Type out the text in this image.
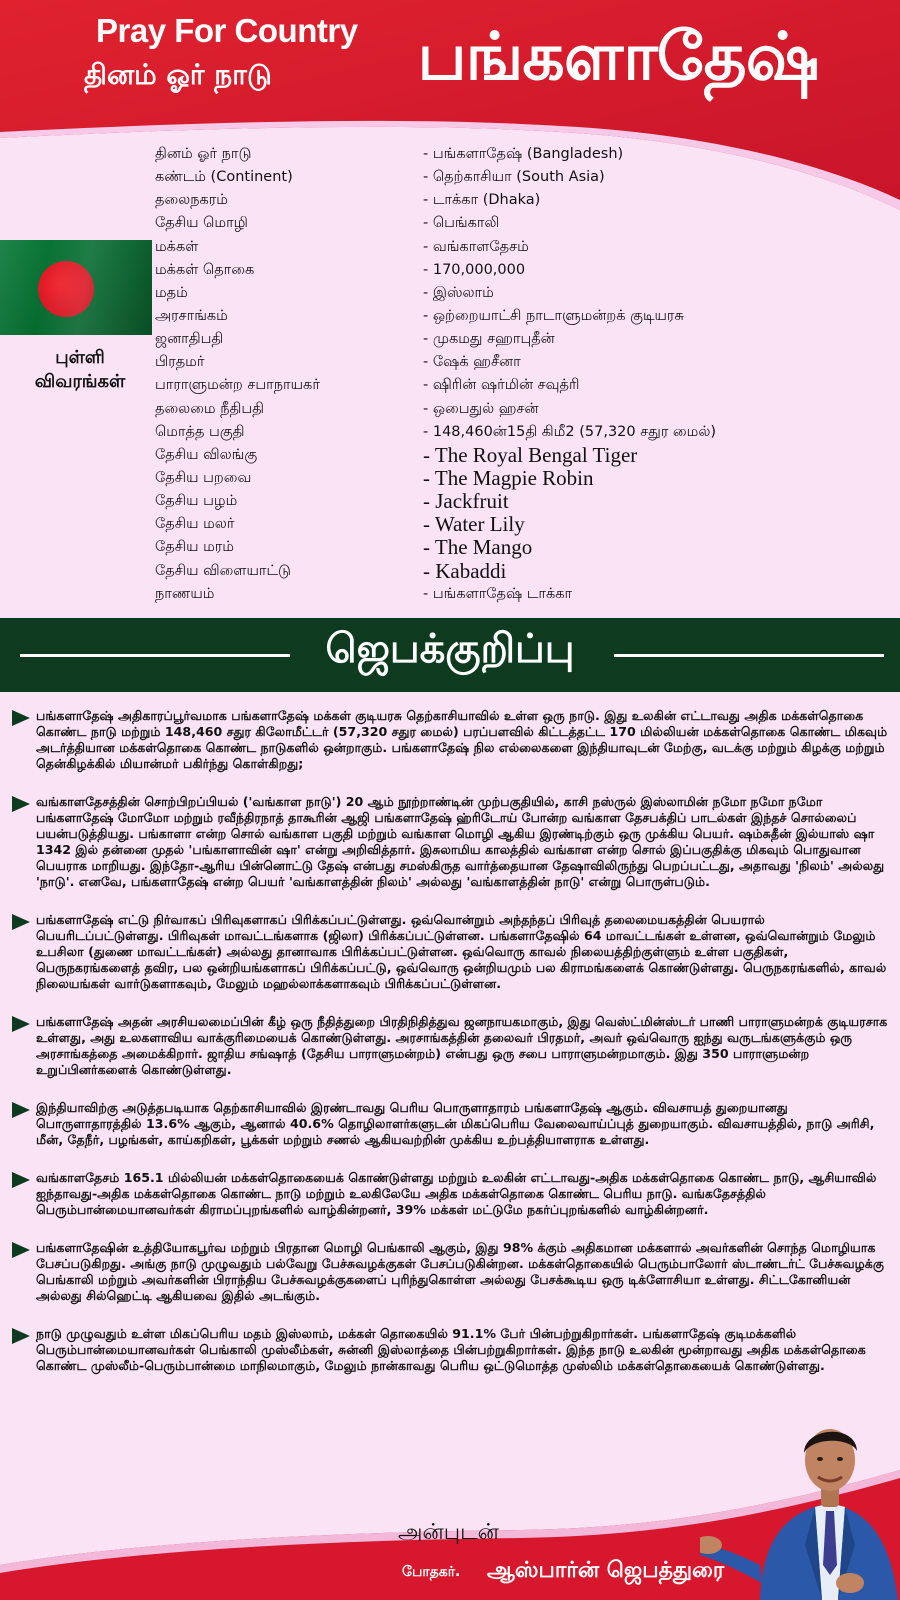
Pray For Country
தினம் ஓர் நாடு	பங்களாதேஷ்
புள்ளி
விவரங்கள்
தினம் ஓர் நாடு	- பங்களாதேஷ் (Bangladesh)
கண்டம் (Continent)	- தெற்காசியா (South Asia)
தலைநகரம்	- டாக்கா (Dhaka)
தேசிய மொழி	- பெங்காலி
மக்கள்	- வங்காளதேசம்
மக்கள் தொகை	- 170,000,000
மதம்	- இஸ்லாம்
அரசாங்கம்	- ஒற்றையாட்சி நாடாளுமன்றக் குடியரசு
ஜனாதிபதி	- முகமது சஹாபுதீன்
பிரதமர்	- ஷேக் ஹசீனா
பாராளுமன்ற சபாநாயகர்	- ஷிரின் ஷர்மின் சவுத்ரி
தலைமை நீதிபதி	- ஒபைதுல் ஹசன்
மொத்த பகுதி	- 148,460ன்15தி கிமீ2 (57,320 சதுர மைல்)
தேசிய விலங்கு	- The Royal Bengal Tiger
தேசிய பறவை	- The Magpie Robin
தேசிய பழம்	- Jackfruit
தேசிய மலர்	- Water Lily
தேசிய மரம்	- The Mango
தேசிய விளையாட்டு	- Kabaddi
நாணயம்	- பங்களாதேஷ் டாக்கா
ஜெபக்குறிப்பு

பங்களாதேஷ் அதிகாரப்பூர்வமாக பங்களாதேஷ் மக்கள் குடியரசு தெற்காசியாவில் உள்ள ஒரு நாடு. இது உலகின் எட்டாவது அதிக மக்கள்தொகை கொண்ட நாடு மற்றும் 148,460 சதுர கிலோமீட்டர் (57,320 சதுர மைல்) பரப்பளவில் கிட்டத்தட்ட 170 மில்லியன் மக்கள்தொகை கொண்ட மிகவும் அடர்த்தியான மக்கள்தொகை கொண்ட நாடுகளில் ஒன்றாகும். பங்களாதேஷ் நில எல்லைகளை இந்தியாவுடன் மேற்கு, வடக்கு மற்றும் கிழக்கு மற்றும் தென்கிழக்கில் மியான்மர் பகிர்ந்து கொள்கிறது;

வங்காளதேசத்தின் சொற்பிறப்பியல் ('வங்காள நாடு') 20 ஆம் நூற்றாண்டின் முற்பகுதியில், காசி நஸ்ருல் இஸ்லாமின் நமோ நமோ நமோ பங்களாதேஷ் மோமோ மற்றும் ரவீந்திரநாத் தாகூரின் ஆஜி பங்களாதேஷ் ஹ்ரிடோய் போன்ற வங்காள தேசபக்திப் பாடல்கள் இந்தச் சொல்லைப் பயன்படுத்தியது. பங்காளா என்ற சொல் வங்காள பகுதி மற்றும் வங்காள மொழி ஆகிய இரண்டிற்கும் ஒரு முக்கிய பெயர். ஷம்சுதீன் இல்யாஸ் ஷா 1342 இல் தன்னை முதல் 'பங்காளாவின் ஷா' என்று அறிவித்தார். இசுலாமிய காலத்தில் வங்காள என்ற சொல் இப்பகுதிக்கு மிகவும் பொதுவான பெயராக மாறியது. இந்தோ-ஆரிய பின்னொட்டு தேஷ் என்பது சமஸ்கிருத வார்த்தையான தேஷாவிலிருந்து பெறப்பட்டது, அதாவது 'நிலம்' அல்லது 'நாடு'. எனவே, பங்களாதேஷ் என்ற பெயர் 'வங்காளத்தின் நிலம்' அல்லது 'வங்காளத்தின் நாடு' என்று பொருள்படும்.

பங்களாதேஷ் எட்டு நிர்வாகப் பிரிவுகளாகப் பிரிக்கப்பட்டுள்ளது. ஒவ்வொன்றும் அந்தந்தப் பிரிவுத் தலைமையகத்தின் பெயரால் பெயரிடப்பட்டுள்ளது. பிரிவுகள் மாவட்டங்களாக (ஜிலா) பிரிக்கப்பட்டுள்ளன. பங்களாதேஷில் 64 மாவட்டங்கள் உள்ளன, ஒவ்வொன்றும் மேலும் உபசிலா (துணை மாவட்டங்கள்) அல்லது தானாவாக பிரிக்கப்பட்டுள்ளன. ஒவ்வொரு காவல் நிலையத்திற்குள்ளும் உள்ள பகுதிகள், பெருநகரங்களைத் தவிர, பல ஒன்றியங்களாகப் பிரிக்கப்பட்டு, ஒவ்வொரு ஒன்றியமும் பல கிராமங்களைக் கொண்டுள்ளது. பெருநகரங்களில், காவல் நிலையங்கள் வார்டுகளாகவும், மேலும் மஹல்லாக்களாகவும் பிரிக்கப்பட்டுள்ளன.

பங்களாதேஷ் அதன் அரசியலமைப்பின் கீழ் ஒரு நீதித்துறை பிரதிநிதித்துவ ஜனநாயகமாகும், இது வெஸ்ட்மின்ஸ்டர் பாணி பாராளுமன்றக் குடியரசாக உள்ளது, அது உலகளாவிய வாக்குரிமையைக் கொண்டுள்ளது. அரசாங்கத்தின் தலைவர் பிரதமர், அவர் ஒவ்வொரு ஐந்து வருடங்களுக்கும் ஒரு அரசாங்கத்தை அமைக்கிறார். ஜாதிய சங்ஷாத் (தேசிய பாராளுமன்றம்) என்பது ஒரு சபை பாராளுமன்றமாகும். இது 350 பாராளுமன்ற உறுப்பினர்களைக் கொண்டுள்ளது.

இந்தியாவிற்கு அடுத்தபடியாக தெற்காசியாவில் இரண்டாவது பெரிய பொருளாதாரம் பங்களாதேஷ் ஆகும். விவசாயத் துறையானது பொருளாதாரத்தில் 13.6% ஆகும், ஆனால் 40.6% தொழிலாளர்களுடன் மிகப்பெரிய வேலைவாய்ப்புத் துறையாகும். விவசாயத்தில், நாடு அரிசி, மீன், தேநீர், பழங்கள், காய்கறிகள், பூக்கள் மற்றும் சணல் ஆகியவற்றின் முக்கிய உற்பத்தியாளராக உள்ளது.

வங்காளதேசம் 165.1 மில்லியன் மக்கள்தொகையைக் கொண்டுள்ளது மற்றும் உலகின் எட்டாவது-அதிக மக்கள்தொகை கொண்ட நாடு, ஆசியாவில் ஐந்தாவது-அதிக மக்கள்தொகை கொண்ட நாடு மற்றும் உலகிலேயே அதிக மக்கள்தொகை கொண்ட பெரிய நாடு. வங்கதேசத்தில் பெரும்பான்மையானவர்கள் கிராமப்புறங்களில் வாழ்கின்றனர், 39% மக்கள் மட்டுமே நகர்ப்புறங்களில் வாழ்கின்றனர்.

பங்களாதேஷின் உத்தியோகபூர்வ மற்றும் பிரதான மொழி பெங்காலி ஆகும், இது 98% க்கும் அதிகமான மக்களால் அவர்களின் சொந்த மொழியாக பேசப்படுகிறது. அங்கு நாடு முழுவதும் பல்வேறு பேச்சுவழக்குகள் பேசப்படுகின்றன. மக்கள்தொகையில் பெரும்பாலோர் ஸ்டாண்டர்ட் பேச்சுவழக்கு பெங்காலி மற்றும் அவர்களின் பிராந்திய பேச்சுவழக்குகளைப் புரிந்துகொள்ள அல்லது பேசக்கூடிய ஒரு டிக்ளோசியா உள்ளது. சிட்டகோனியன் அல்லது சில்ஹெட்டி ஆகியவை இதில் அடங்கும்.

நாடு முழுவதும் உள்ள மிகப்பெரிய மதம் இஸ்லாம், மக்கள் தொகையில் 91.1% பேர் பின்பற்றுகிறார்கள். பங்களாதேஷ் குடிமக்களில் பெரும்பான்மையானவர்கள் பெங்காலி முஸ்லீம்கள், சுன்னி இஸ்லாத்தை பின்பற்றுகிறார்கள். இந்த நாடு உலகின் மூன்றாவது அதிக மக்கள்தொகை கொண்ட முஸ்லீம்-பெரும்பான்மை மாநிலமாகும், மேலும் நான்காவது பெரிய ஒட்டுமொத்த முஸ்லிம் மக்கள்தொகையைக் கொண்டுள்ளது.

அன்புடன்
போதகர். ஆஸ்பார்ன் ஜெபத்துரை
